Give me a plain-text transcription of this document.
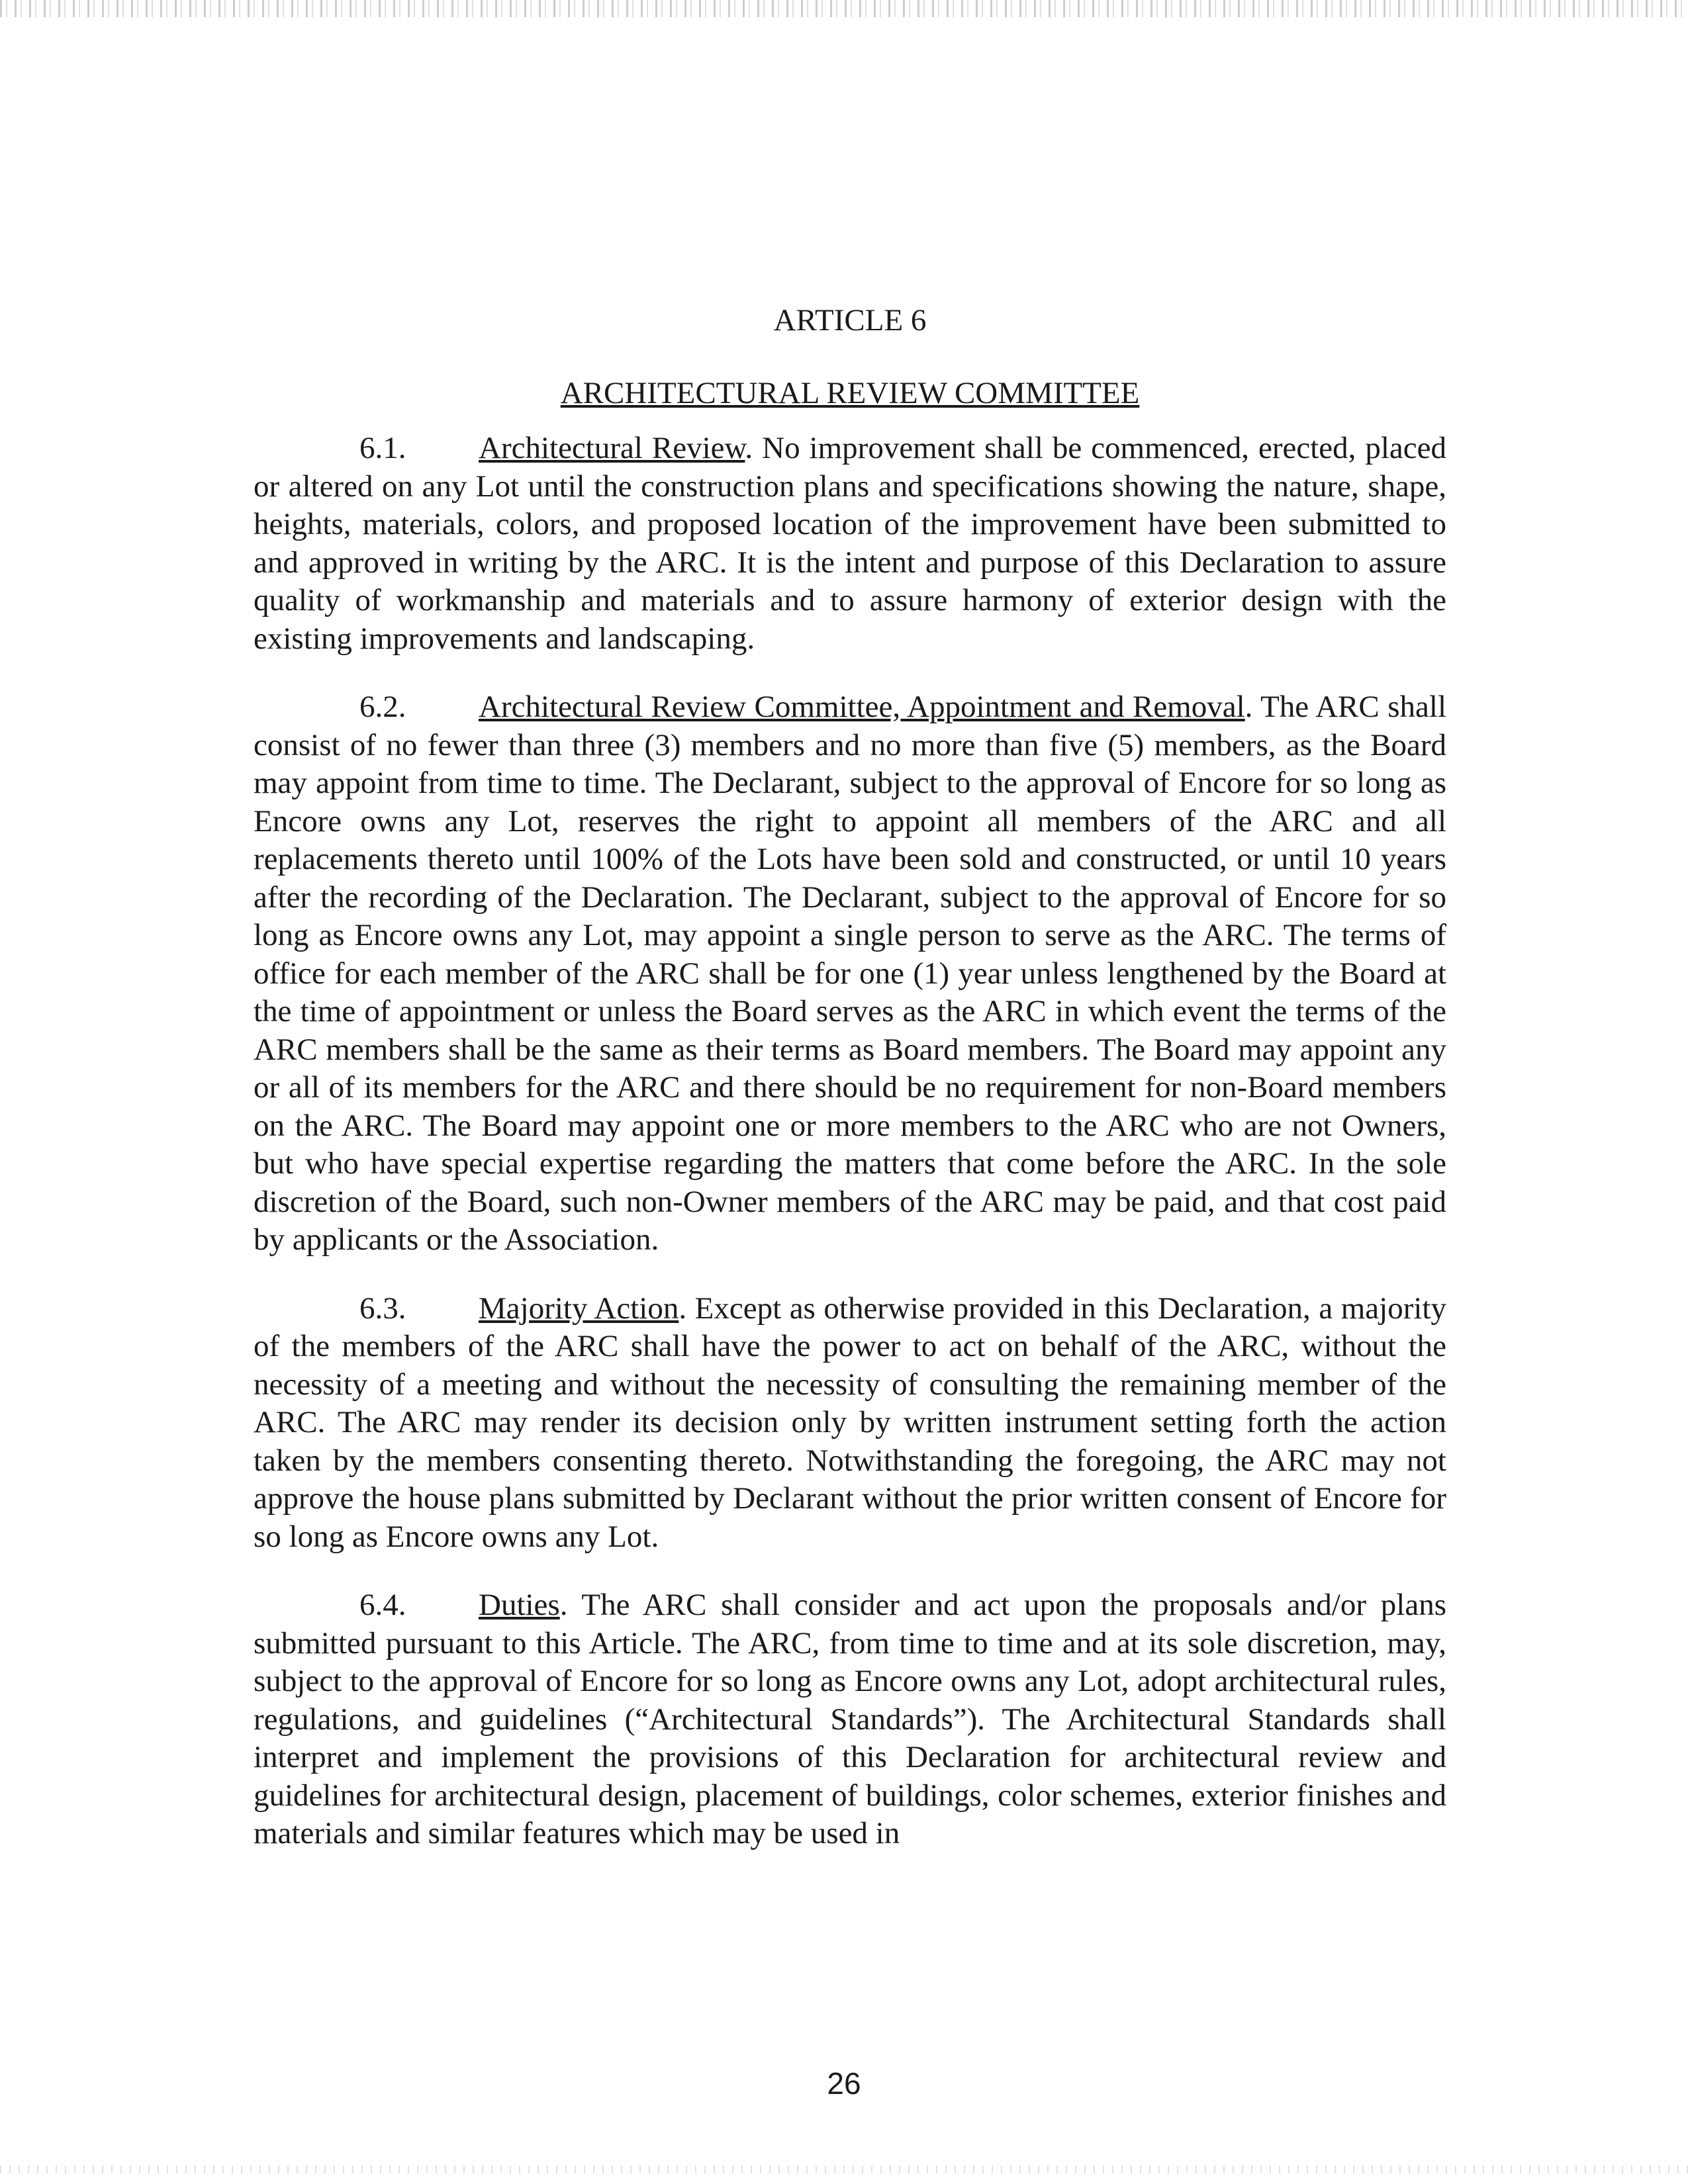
ARTICLE 6
ARCHITECTURAL REVIEW COMMITTEE

6.1. Architectural Review. No improvement shall be commenced, erected, placed or altered on any Lot until the construction plans and specifications showing the nature, shape, heights, materials, colors, and proposed location of the improvement have been submitted to and approved in writing by the ARC. It is the intent and purpose of this Declaration to assure quality of workmanship and materials and to assure harmony of exterior design with the existing improvements and landscaping.

6.2. Architectural Review Committee, Appointment and Removal. The ARC shall consist of no fewer than three (3) members and no more than five (5) members, as the Board may appoint from time to time. The Declarant, subject to the approval of Encore for so long as Encore owns any Lot, reserves the right to appoint all members of the ARC and all replacements thereto until 100% of the Lots have been sold and constructed, or until 10 years after the recording of the Declaration. The Declarant, subject to the approval of Encore for so long as Encore owns any Lot, may appoint a single person to serve as the ARC. The terms of office for each member of the ARC shall be for one (1) year unless lengthened by the Board at the time of appointment or unless the Board serves as the ARC in which event the terms of the ARC members shall be the same as their terms as Board members. The Board may appoint any or all of its members for the ARC and there should be no requirement for non-Board members on the ARC. The Board may appoint one or more members to the ARC who are not Owners, but who have special expertise regarding the matters that come before the ARC. In the sole discretion of the Board, such non-Owner members of the ARC may be paid, and that cost paid by applicants or the Association.

6.3. Majority Action. Except as otherwise provided in this Declaration, a majority of the members of the ARC shall have the power to act on behalf of the ARC, without the necessity of a meeting and without the necessity of consulting the remaining member of the ARC. The ARC may render its decision only by written instrument setting forth the action taken by the members consenting thereto. Notwithstanding the foregoing, the ARC may not approve the house plans submitted by Declarant without the prior written consent of Encore for so long as Encore owns any Lot.

6.4. Duties. The ARC shall consider and act upon the proposals and/or plans submitted pursuant to this Article. The ARC, from time to time and at its sole discretion, may, subject to the approval of Encore for so long as Encore owns any Lot, adopt architectural rules, regulations, and guidelines (“Architectural Standards”). The Architectural Standards shall interpret and implement the provisions of this Declaration for architectural review and guidelines for architectural design, placement of buildings, color schemes, exterior finishes and materials and similar features which may be used in

26
